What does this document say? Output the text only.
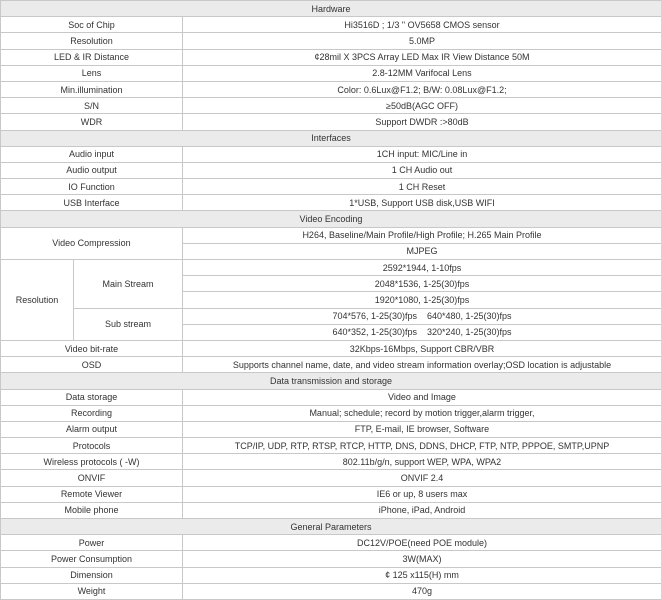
Hardware		
Soc of Chip		Hi3516D ; 1/3 " OV5658 CMOS sensor
Resolution		5.0MP
LED & IR Distance		¢28mil X 3PCS Array LED Max IR View Distance 50M
Lens		2.8-12MM Varifocal Lens
Min.illumination		Color: 0.6Lux@F1.2; B/W: 0.08Lux@F1.2;
S/N		≥50dB(AGC OFF)
WDR		Support DWDR :>80dB
Interfaces		
Audio input		1CH input: MIC/Line in
Audio output		1 CH Audio out
IO Function		1 CH Reset
USB Interface		1*USB, Support USB disk,USB WIFI
Video Encoding		
Video Compression		H264, Baseline/Main Profile/High Profile; H.265 Main Profile
		MJPEG
Resolution	Main Stream	2592*1944, 1-10fps
		2048*1536, 1-25(30)fps
		1920*1080, 1-25(30)fps
	Sub stream	704*576, 1-25(30)fps 640*480, 1-25(30)fps
		640*352, 1-25(30)fps 320*240, 1-25(30)fps
Video bit-rate		32Kbps-16Mbps, Support CBR/VBR
OSD		Supports channel name, date, and video stream information overlay;OSD location is adjustable
Data transmission and storage		
Data storage		Video and Image
Recording		Manual; schedule; record by motion trigger,alarm trigger,
Alarm output		FTP, E-mail, IE browser, Software
Protocols		TCP/IP, UDP, RTP, RTSP, RTCP, HTTP, DNS, DDNS, DHCP, FTP, NTP, PPPOE, SMTP,UPNP
Wireless protocols ( -W)		802.11b/g/n, support WEP, WPA, WPA2
ONVIF		ONVIF 2.4
Remote Viewer		IE6 or up, 8 users max
Mobile phone		iPhone, iPad, Android
General Parameters		
Power		DC12V/POE(need POE module)
Power Consumption		3W(MAX)
Dimension		¢ 125 x115(H) mm
Weight		470g
